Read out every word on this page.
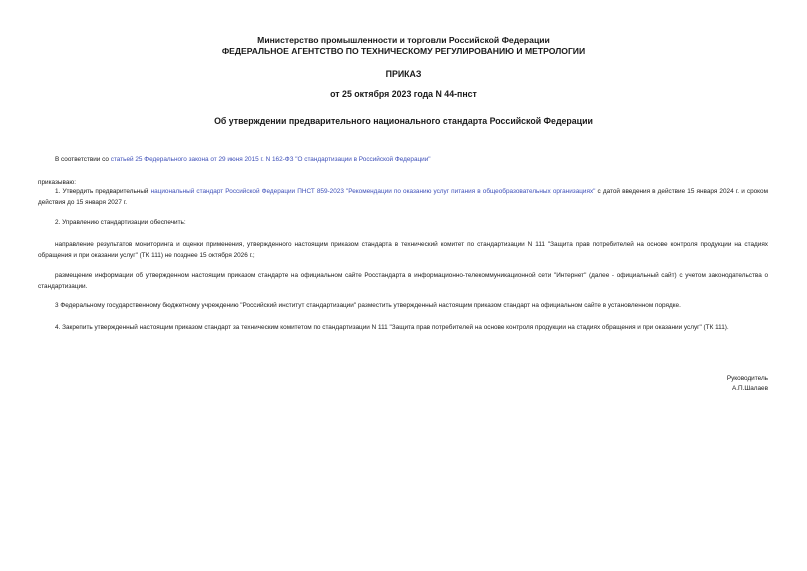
Министерство промышленности и торговли Российской Федерации
ФЕДЕРАЛЬНОЕ АГЕНТСТВО ПО ТЕХНИЧЕСКОМУ РЕГУЛИРОВАНИЮ И МЕТРОЛОГИИ
ПРИКАЗ
от 25 октября 2023 года N 44-пнст
Об утверждении предварительного национального стандарта Российской Федерации
В соответствии со статьей 25 Федерального закона от 29 июня 2015 г. N 162-ФЗ "О стандартизации в Российской Федерации"
приказываю:
1. Утвердить предварительный национальный стандарт Российской Федерации ПНСТ 859-2023 "Рекомендации по оказанию услуг питания в общеобразовательных организациях" с датой введения в действие 15 января 2024 г. и сроком действия до 15 января 2027 г.
2. Управлению стандартизации обеспечить:
направление результатов мониторинга и оценки применения, утвержденного настоящим приказом стандарта в технический комитет по стандартизации N 111 "Защита прав потребителей на основе контроля продукции на стадиях обращения и при оказании услуг" (ТК 111) не позднее 15 октября 2026 г.;
размещение информации об утвержденном настоящим приказом стандарте на официальном сайте Росстандарта в информационно-телекоммуникационной сети "Интернет" (далее - официальный сайт) с учетом законодательства о стандартизации.
3 Федеральному государственному бюджетному учреждению "Российский институт стандартизации" разместить утвержденный настоящим приказом стандарт на официальном сайте в установленном порядке.
4. Закрепить утвержденный настоящим приказом стандарт за техническим комитетом по стандартизации N 111 "Защита прав потребителей на основе контроля продукции на стадиях обращения и при оказании услуг" (ТК 111).
Руководитель
А.П.Шалаев
